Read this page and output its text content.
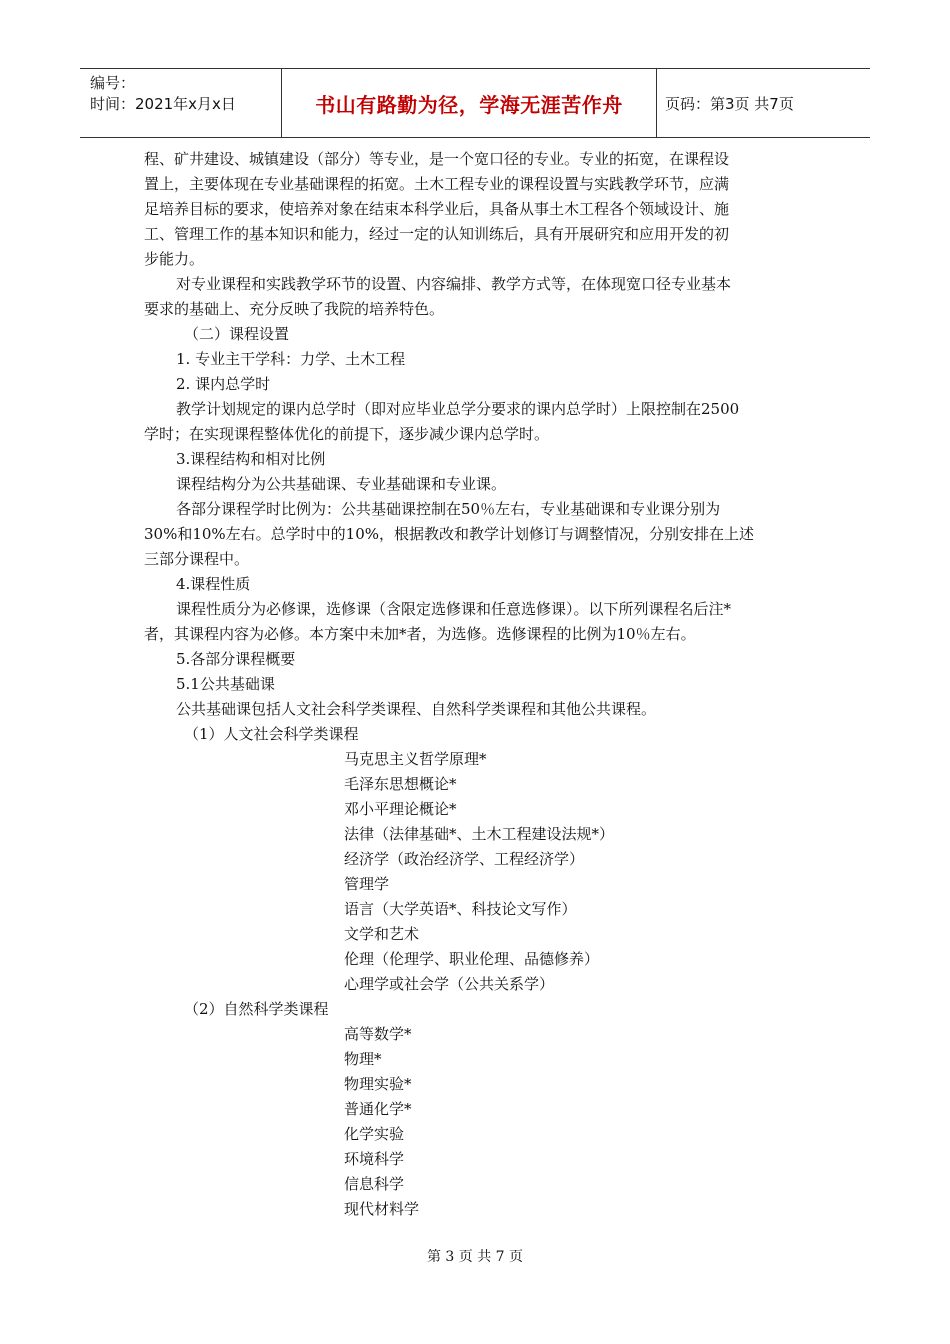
编号：
时间：2021年x月x日	书山有路勤为径，学海无涯苦作舟	页码：第3页 共7页

程、矿井建设、城镇建设（部分）等专业，是一个宽口径的专业。专业的拓宽，在课程设

置上，主要体现在专业基础课程的拓宽。土木工程专业的课程设置与实践教学环节，应满

足培养目标的要求，使培养对象在结束本科学业后，具备从事土木工程各个领域设计、施

工、管理工作的基本知识和能力，经过一定的认知训练后，具有开展研究和应用开发的初

步能力。

对专业课程和实践教学环节的设置、内容编排、教学方式等，在体现宽口径专业基本

要求的基础上、充分反映了我院的培养特色。

（二）课程设置

1. 专业主干学科：力学、土木工程

2. 课内总学时

教学计划规定的课内总学时（即对应毕业总学分要求的课内总学时）上限控制在2500

学时；在实现课程整体优化的前提下，逐步减少课内总学时。

3.课程结构和相对比例

课程结构分为公共基础课、专业基础课和专业课。

各部分课程学时比例为：公共基础课控制在50％左右，专业基础课和专业课分别为

30%和10%左右。总学时中的10%，根据教改和教学计划修订与调整情况，分别安排在上述

三部分课程中。

4.课程性质

课程性质分为必修课，选修课（含限定选修课和任意选修课）。以下所列课程名后注*

者，其课程内容为必修。本方案中未加*者，为选修。选修课程的比例为10％左右。

5.各部分课程概要

5.1公共基础课

公共基础课包括人文社会科学类课程、自然科学类课程和其他公共课程。

（1）人文社会科学类课程

马克思主义哲学原理*

毛泽东思想概论*

邓小平理论概论*

法律（法律基础*、土木工程建设法规*）

经济学（政治经济学、工程经济学）

管理学

语言（大学英语*、科技论文写作）

文学和艺术

伦理（伦理学、职业伦理、品德修养）

心理学或社会学（公共关系学）

（2）自然科学类课程

高等数学*

物理*

物理实验*

普通化学*

化学实验

环境科学

信息科学

现代材料学

第 3 页 共 7 页
